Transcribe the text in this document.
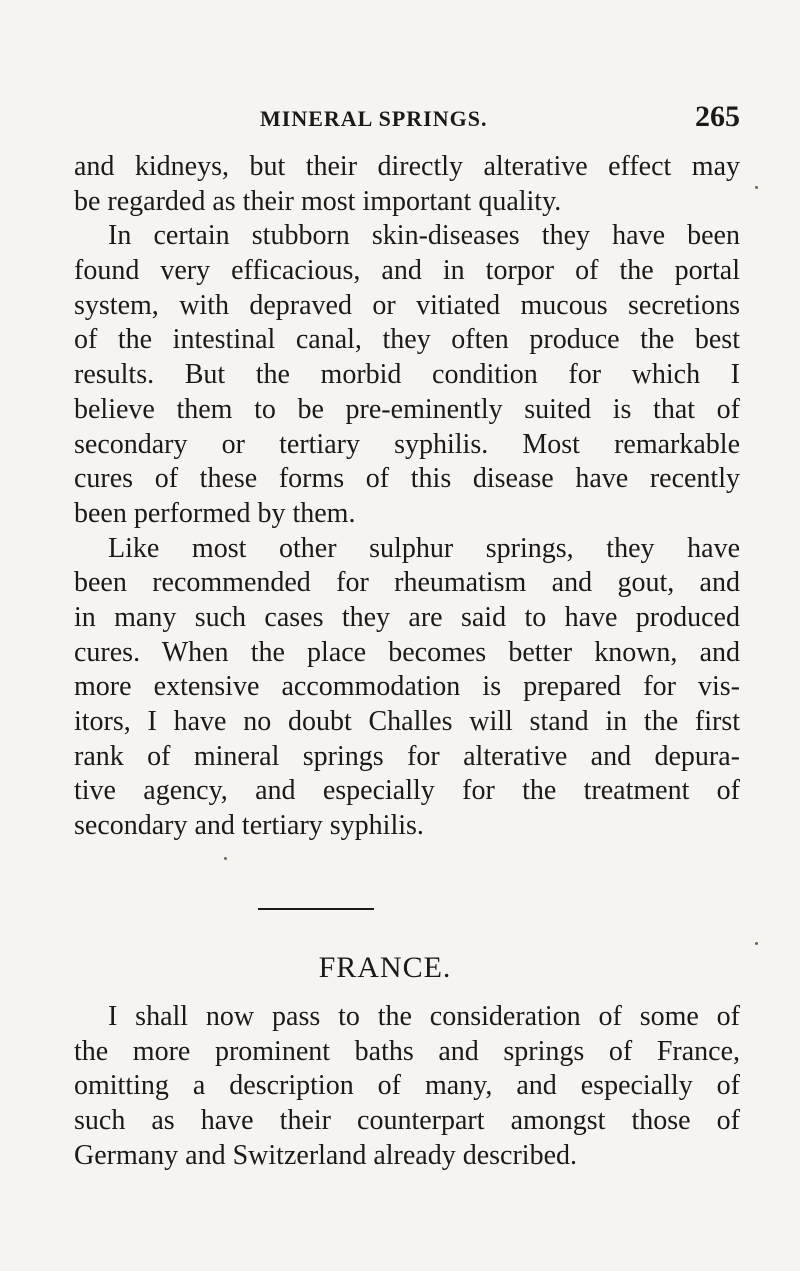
MINERAL SPRINGS.	265
and kidneys, but their directly alterative effect may
be regarded as their most important quality.
In certain stubborn skin-diseases they have been
found very efficacious, and in torpor of the portal
system, with depraved or vitiated mucous secretions
of the intestinal canal, they often produce the best
results. But the morbid condition for which I
believe them to be pre-eminently suited is that of
secondary or tertiary syphilis. Most remarkable
cures of these forms of this disease have recently
been performed by them.
Like most other sulphur springs, they have
been recommended for rheumatism and gout, and
in many such cases they are said to have produced
cures. When the place becomes better known, and
more extensive accommodation is prepared for vis-
itors, I have no doubt Challes will stand in the first
rank of mineral springs for alterative and depura-
tive agency, and especially for the treatment of
secondary and tertiary syphilis.
FRANCE.
I shall now pass to the consideration of some of
the more prominent baths and springs of France,
omitting a description of many, and especially of
such as have their counterpart amongst those of
Germany and Switzerland already described.
